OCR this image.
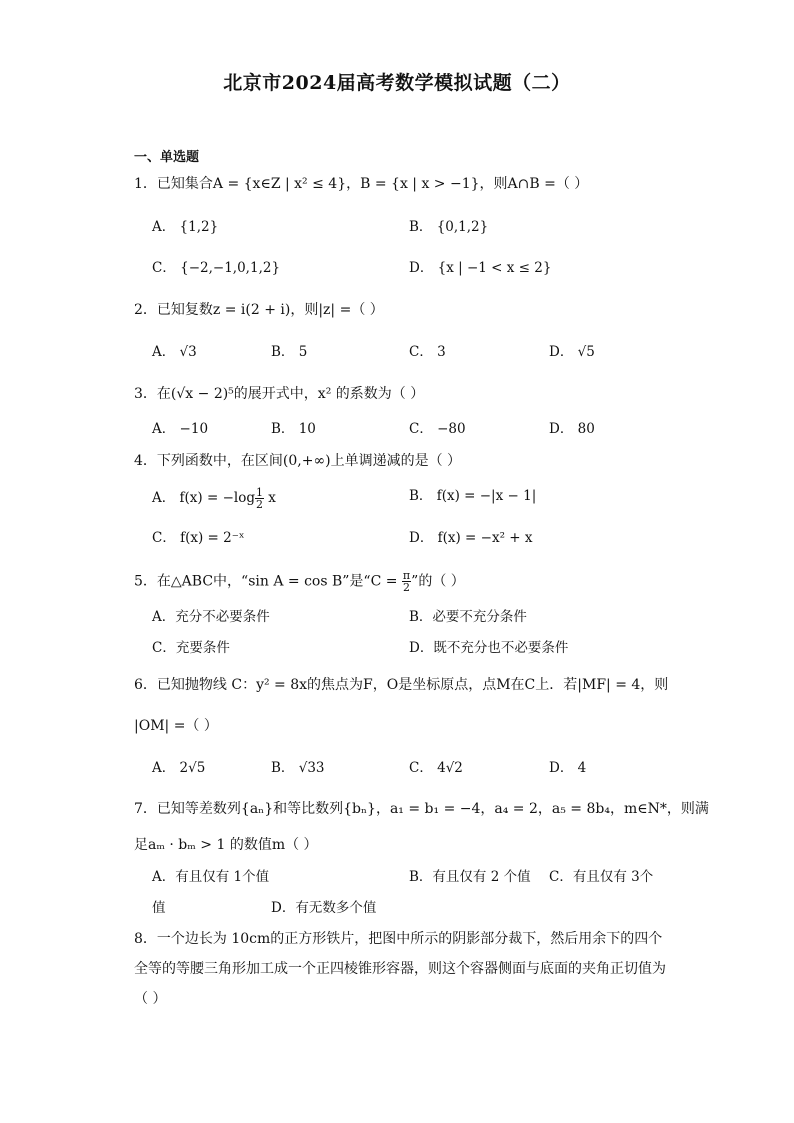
北京市2024届高考数学模拟试题（二）
一、单选题
1．已知集合A = {x∈Z | x² ≤ 4}，B = {x | x > −1}，则A∩B =（ ）
A． {1,2}	B． {0,1,2}
C． {−2,−1,0,1,2}	D． {x | −1 < x ≤ 2}
2．已知复数z = i(2 + i)，则|z| =（ ）
A． √3	B． 5	C． 3	D． √5
3．在(√x − 2)⁵的展开式中，x² 的系数为（ ）
A． −10	B． 10	C． −80	D． 80
4．下列函数中，在区间(0,+∞)上单调递减的是（ ）
A． $f(x) = -\log \frac{1}{2}$ x	B． f(x) = −|x − 1|
C． f(x) = 2⁻ˣ	D． f(x) = −x² + x
5．在△ABC中，“sin A = cos B”是“$C = \frac{\pi}{2}$ ”的（ ）
A．充分不必要条件	B．必要不充分条件
C．充要条件	D．既不充分也不必要条件
6．已知抛物线 C：y² = 8x的焦点为F，O是坐标原点，点M在C上．若|MF| = 4，则
|OM| =（ ）
A． 2√5	B． √33	C． 4√2	D． 4
7．已知等差数列{aₙ}和等比数列{bₙ}，a₁ = b₁ = −4，a₄ = 2，a₅ = 8b₄，m∈N*，则满
足aₘ · bₘ > 1 的数值m（ ）
A．有且仅有 1个值	B．有且仅有 2 个值 C．有且仅有 3个
值	D．有无数多个值
8．一个边长为 10cm的正方形铁片，把图中所示的阴影部分裁下，然后用余下的四个
全等的等腰三角形加工成一个正四棱锥形容器，则这个容器侧面与底面的夹角正切值为
（ ）
